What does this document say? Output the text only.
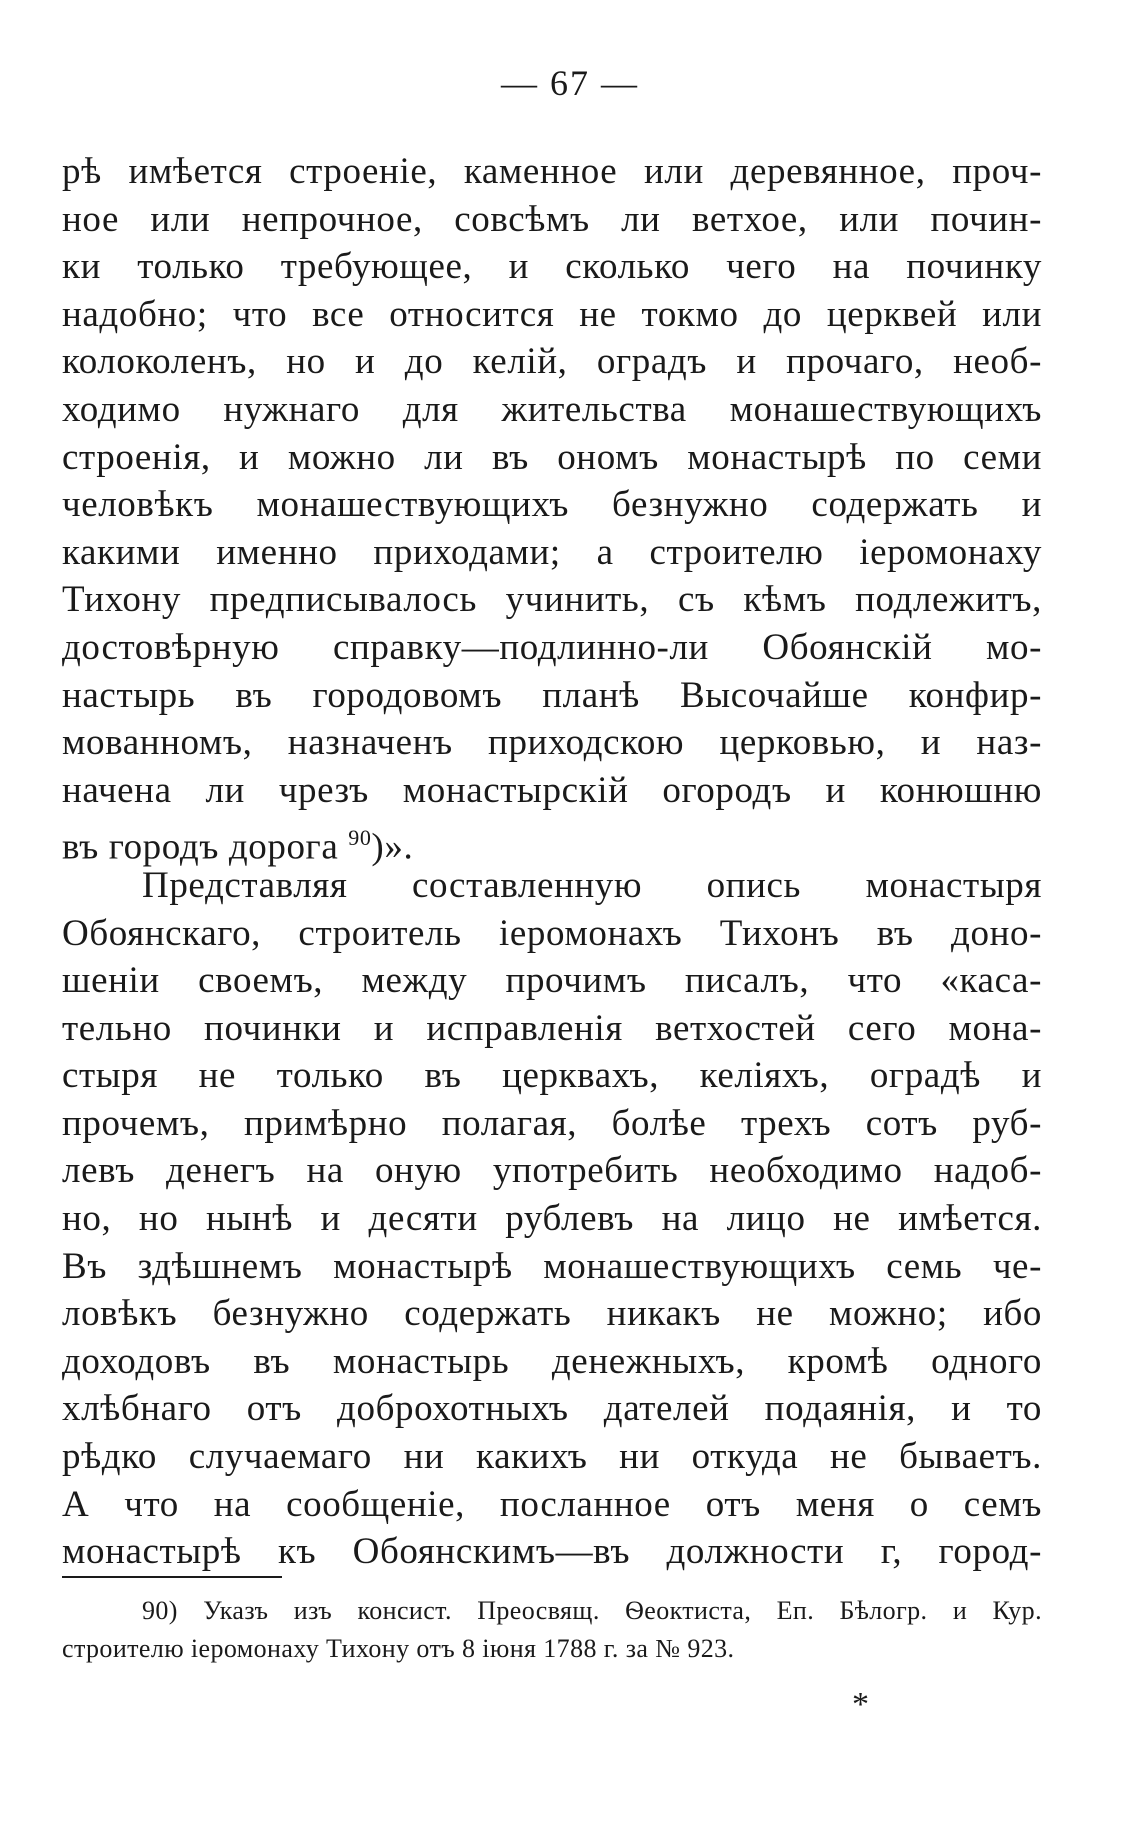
— 67 —
рѣ имѣется строеніе, каменное или деревянное, проч-
ное или непрочное, совсѣмъ ли ветхое, или почин-
ки только требующее, и сколько чего на починку
надобно; что все относится не токмо до церквей или
колоколенъ, но и до келій, оградъ и прочаго, необ-
ходимо нужнаго для жительства монашествующихъ
строенія, и можно ли въ ономъ монастырѣ по семи
человѣкъ монашествующихъ безнужно содержать и
какими именно приходами; а строителю іеромонаху
Тихону предписывалось учинить, съ кѣмъ подлежитъ,
достовѣрную справку—подлинно-ли Обоянскій мо-
настырь въ городовомъ планѣ Высочайше конфир-
мованномъ, назначенъ приходскою церковью, и наз-
начена ли чрезъ монастырскій огородъ и конюшню
въ городъ дорога $^{90}$)».
Представляя составленную опись монастыря
Обоянскаго, строитель іеромонахъ Тихонъ въ доно-
шеніи своемъ, между прочимъ писалъ, что «каса-
тельно починки и исправленія ветхостей сего мона-
стыря не только въ церквахъ, келіяхъ, оградѣ и
прочемъ, примѣрно полагая, болѣе трехъ сотъ руб-
левъ денегъ на оную употребить необходимо надоб-
но, но нынѣ и десяти рублевъ на лицо не имѣется.
Въ здѣшнемъ монастырѣ монашествующихъ семь че-
ловѣкъ безнужно содержать никакъ не можно; ибо
доходовъ въ монастырь денежныхъ, кромѣ одного
хлѣбнаго отъ доброхотныхъ дателей подаянія, и то
рѣдко случаемаго ни какихъ ни откуда не бываетъ.
А что на сообщеніе, посланное отъ меня о семъ
монастырѣ къ Обоянскимъ—въ должности г, город-
90) Указъ изъ консист. Преосвящ. Ѳеоктиста, Еп. Бѣлогр. и Кур.
строителю іеромонаху Тихону отъ 8 іюня 1788 г. за № 923.
*
